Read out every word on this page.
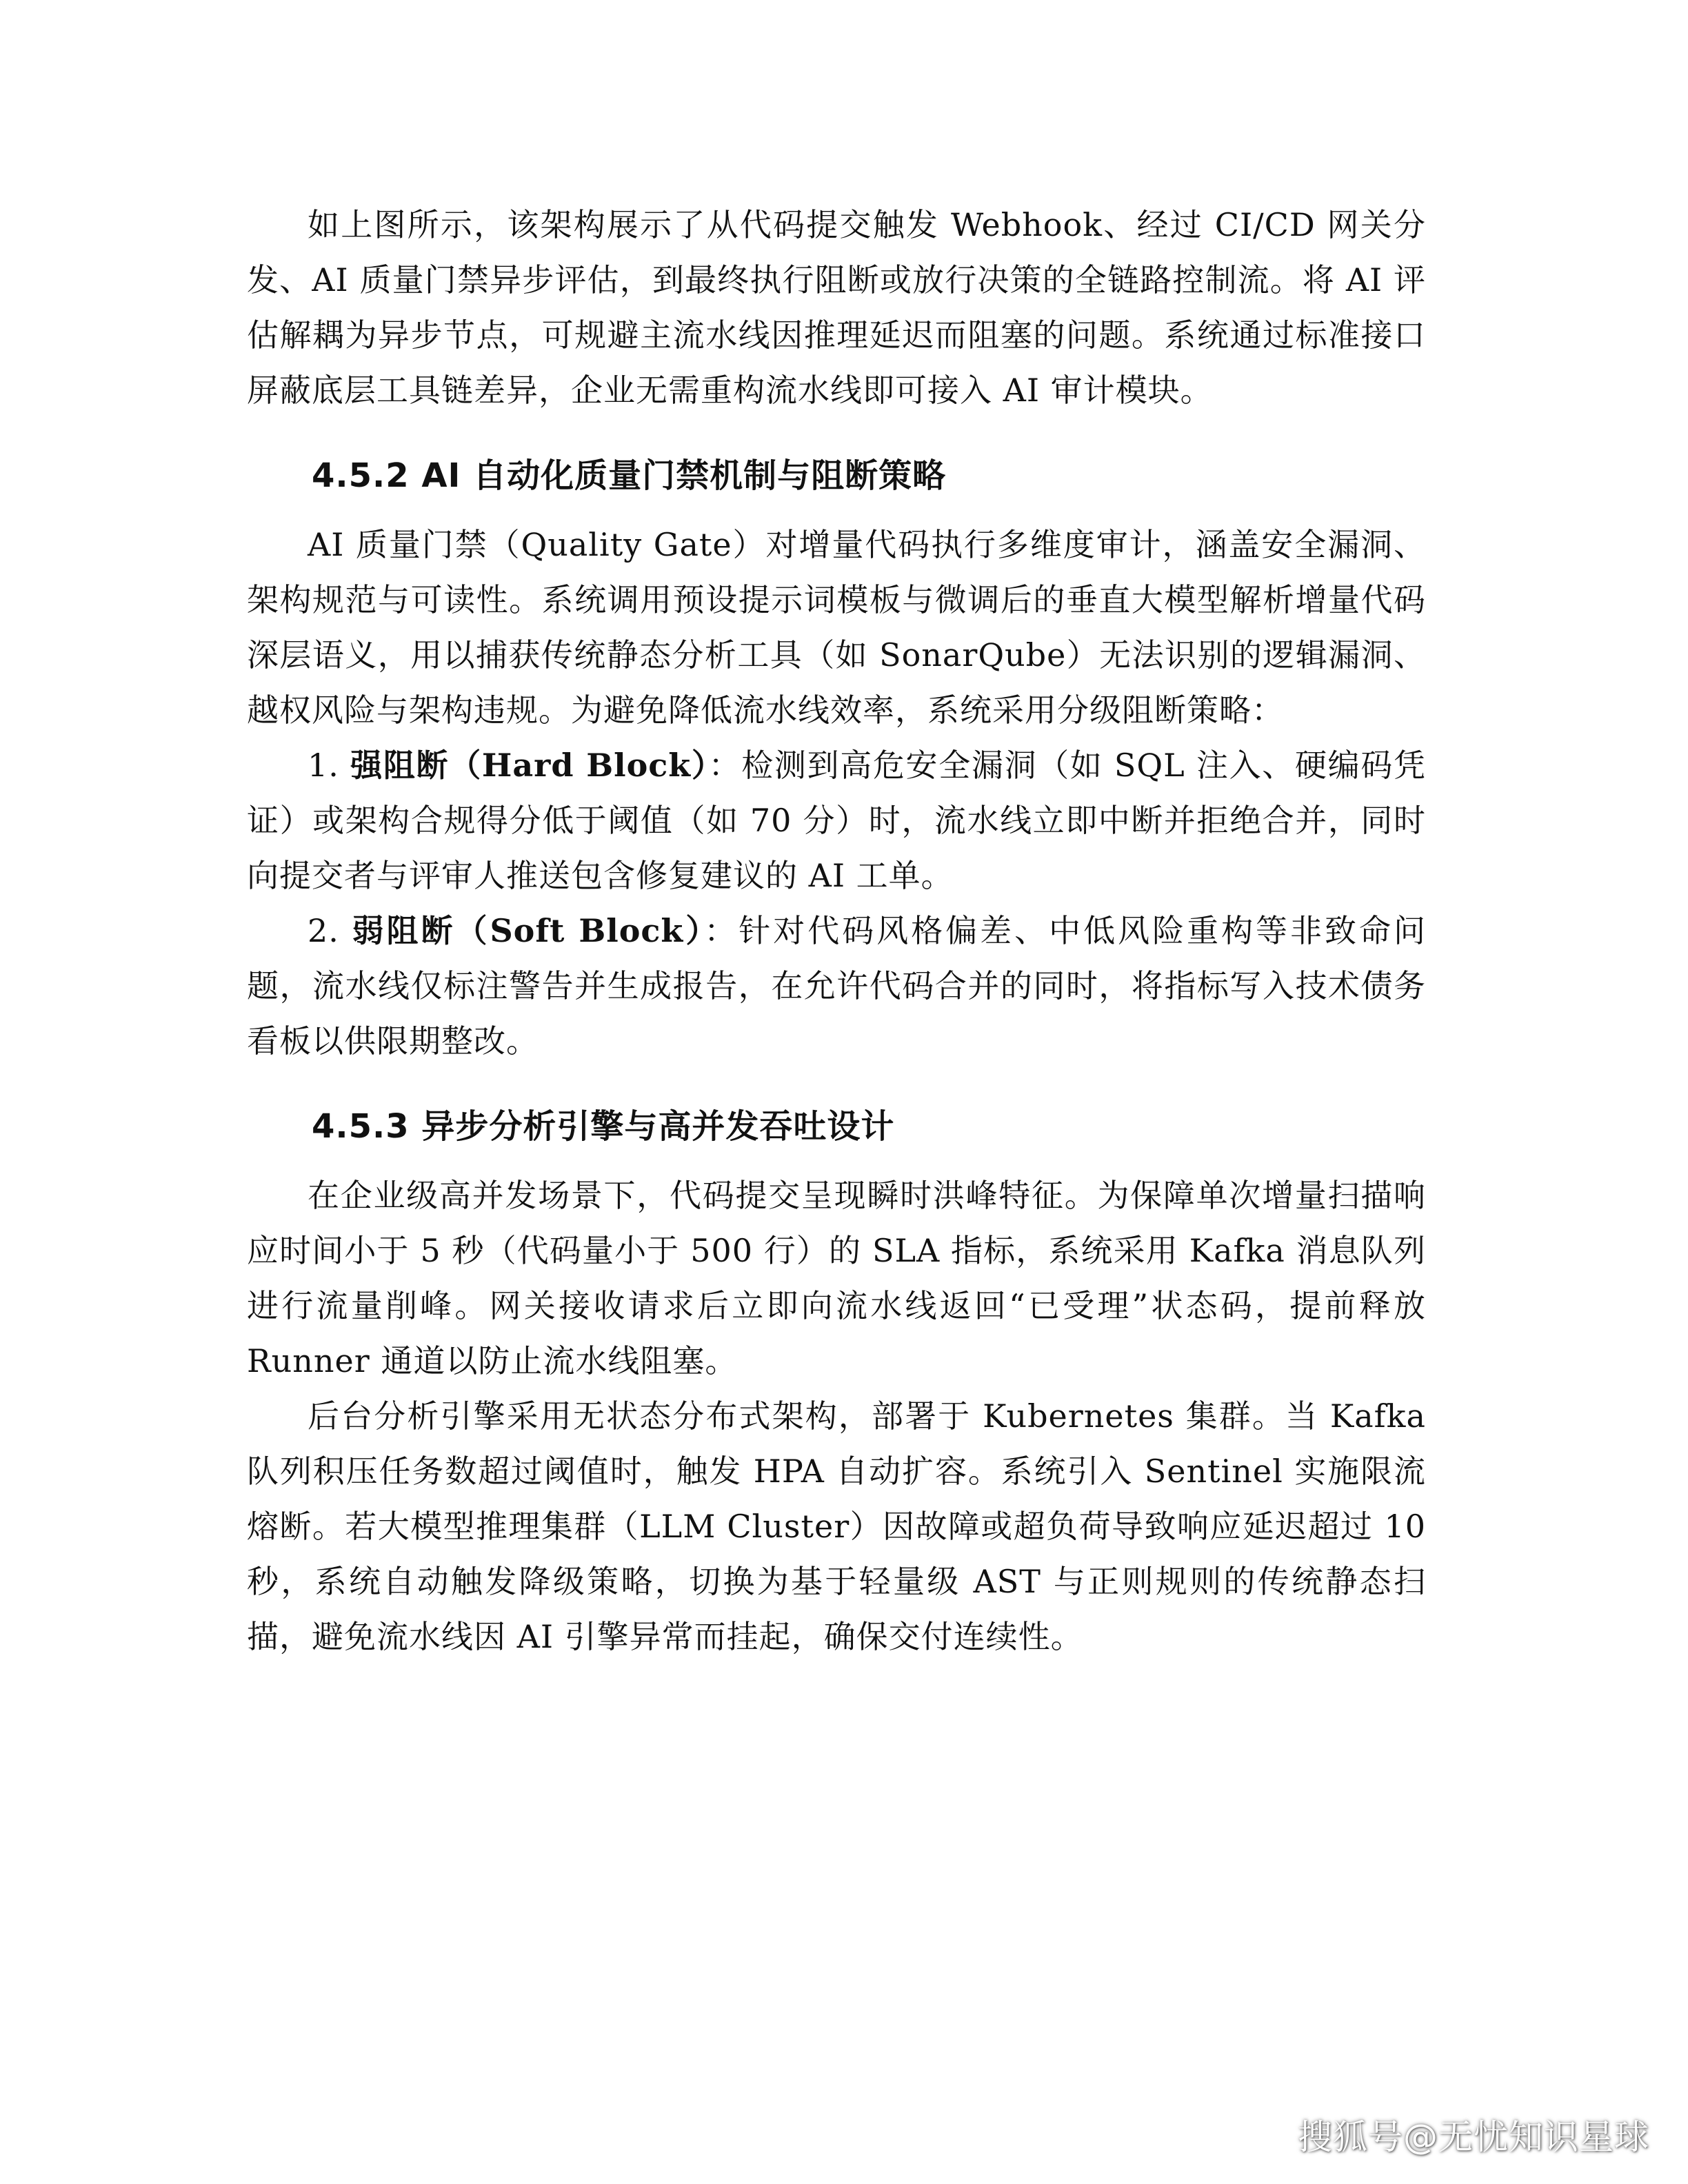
如上图所示，该架构展示了从代码提交触发 Webhook、经过 CI/CD 网关分发、AI 质量门禁异步评估，到最终执行阻断或放行决策的全链路控制流。将 AI 评估解耦为异步节点，可规避主流水线因推理延迟而阻塞的问题。系统通过标准接口屏蔽底层工具链差异，企业无需重构流水线即可接入 AI 审计模块。

4.5.2 AI 自动化质量门禁机制与阻断策略

AI 质量门禁（Quality Gate）对增量代码执行多维度审计，涵盖安全漏洞、架构规范与可读性。系统调用预设提示词模板与微调后的垂直大模型解析增量代码深层语义，用以捕获传统静态分析工具（如 SonarQube）无法识别的逻辑漏洞、越权风险与架构违规。为避免降低流水线效率，系统采用分级阻断策略：

1. 强阻断（Hard Block）：检测到高危安全漏洞（如 SQL 注入、硬编码凭证）或架构合规得分低于阈值（如 70 分）时，流水线立即中断并拒绝合并，同时向提交者与评审人推送包含修复建议的 AI 工单。

2. 弱阻断（Soft Block）：针对代码风格偏差、中低风险重构等非致命问题，流水线仅标注警告并生成报告，在允许代码合并的同时，将指标写入技术债务看板以供限期整改。

4.5.3 异步分析引擎与高并发吞吐设计

在企业级高并发场景下，代码提交呈现瞬时洪峰特征。为保障单次增量扫描响应时间小于 5 秒（代码量小于 500 行）的 SLA 指标，系统采用 Kafka 消息队列进行流量削峰。网关接收请求后立即向流水线返回“已受理”状态码，提前释放 Runner 通道以防止流水线阻塞。

后台分析引擎采用无状态分布式架构，部署于 Kubernetes 集群。当 Kafka 队列积压任务数超过阈值时，触发 HPA 自动扩容。系统引入 Sentinel 实施限流熔断。若大模型推理集群（LLM Cluster）因故障或超负荷导致响应延迟超过 10 秒，系统自动触发降级策略，切换为基于轻量级 AST 与正则规则的传统静态扫描，避免流水线因 AI 引擎异常而挂起，确保交付连续性。

搜狐号@无忧知识星球
